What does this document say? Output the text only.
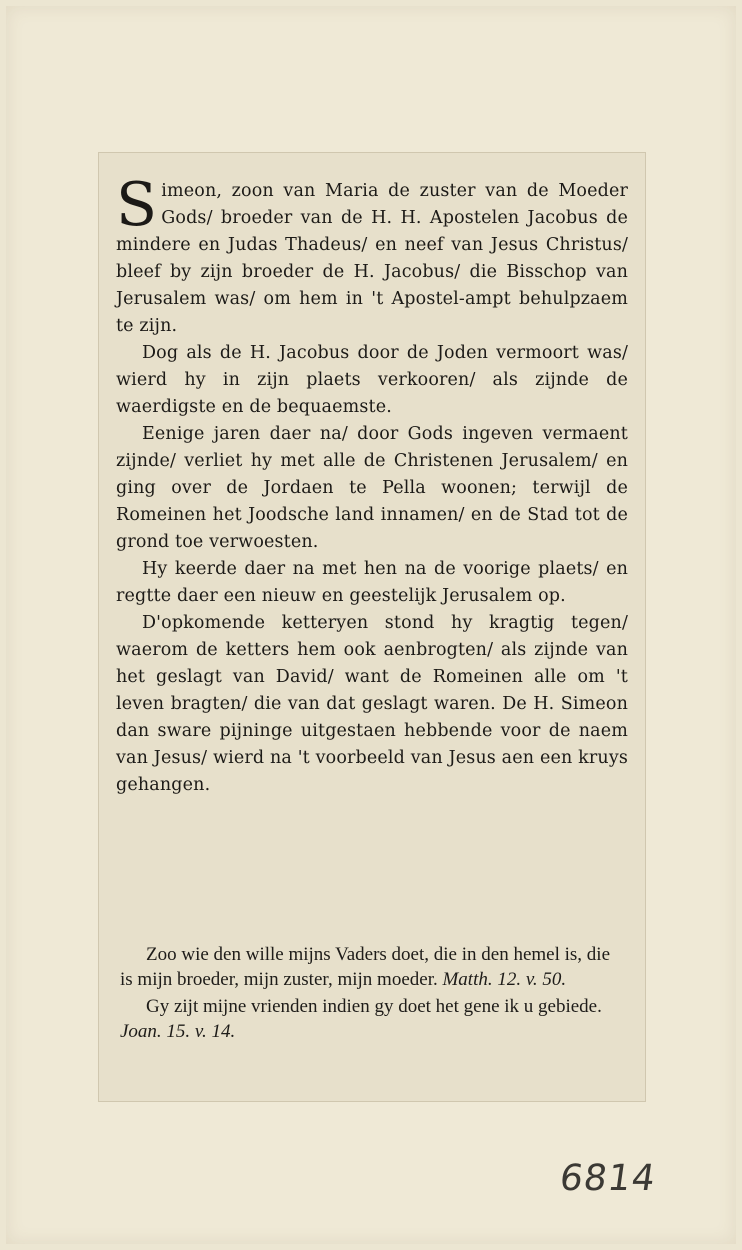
Simeon, zoon van Maria de zuster van de Moeder Gods/ broeder van de H. H. Apostelen Jacobus de mindere en Judas Thadeus/ en neef van Jesus Christus/ bleef by zijn broeder de H. Jacobus/ die Bisschop van Jerusalem was/ om hem in 't Apostel-ampt behulpzaem te zijn.

Dog als de H. Jacobus door de Joden vermoort was/ wierd hy in zijn plaets verkooren/ als zijnde de waerdigste en de bequaemste.

Eenige jaren daer na/ door Gods ingeven vermaent zijnde/ verliet hy met alle de Christenen Jerusalem/ en ging over de Jordaen te Pella woonen; terwijl de Romeinen het Joodsche land innamen/ en de Stad tot de grond toe verwoesten.

Hy keerde daer na met hen na de voorige plaets/ en regtte daer een nieuw en geestelijk Jerusalem op.

D'opkomende ketteryen stond hy kragtig tegen/ waerom de ketters hem ook aenbrogten/ als zijnde van het geslagt van David/ want de Romeinen alle om 't leven bragten/ die van dat geslagt waren. De H. Simeon dan sware pijninge uitgestaen hebbende voor de naem van Jesus/ wierd na 't voorbeeld van Jesus aen een kruys gehangen.

Zoo wie den wille mijns Vaders doet, die in den hemel is, die is mijn broeder, mijn zuster, mijn moeder. Matth. 12. v. 50.

Gy zijt mijne vrienden indien gy doet het gene ik u gebiede. Joan. 15. v. 14.

6814
